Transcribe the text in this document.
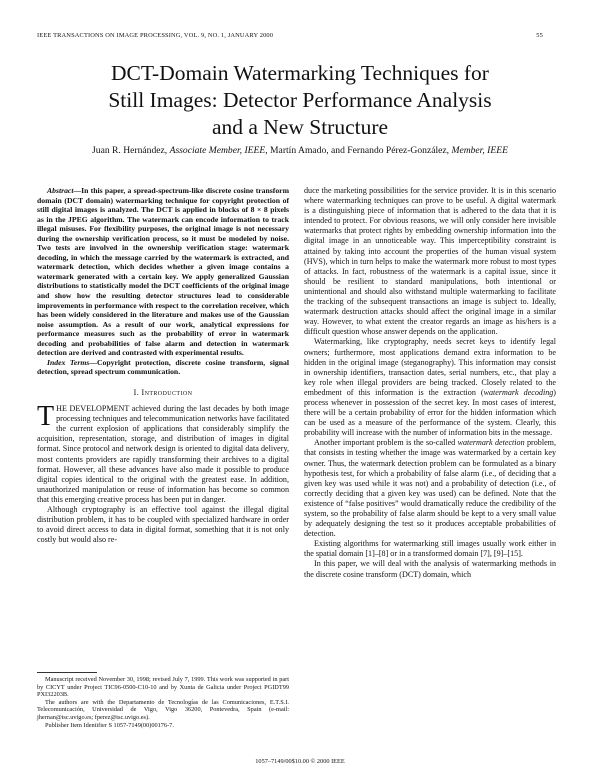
IEEE TRANSACTIONS ON IMAGE PROCESSING, VOL. 9, NO. 1, JANUARY 2000	55
DCT-Domain Watermarking Techniques for
Still Images: Detector Performance Analysis
and a New Structure
Juan R. Hernández, Associate Member, IEEE, Martín Amado, and Fernando Pérez-González, Member, IEEE

Abstract—In this paper, a spread-spectrum-like discrete cosine transform domain (DCT domain) watermarking technique for copyright protection of still digital images is analyzed. The DCT is applied in blocks of 8 × 8 pixels as in the JPEG algorithm. The watermark can encode information to track illegal misuses. For flexibility purposes, the original image is not necessary during the ownership verification process, so it must be modeled by noise. Two tests are involved in the ownership verification stage: watermark decoding, in which the message carried by the watermark is extracted, and watermark detection, which decides whether a given image contains a watermark generated with a certain key. We apply generalized Gaussian distributions to statistically model the DCT coefficients of the original image and show how the resulting detector structures lead to considerable improvements in performance with respect to the correlation receiver, which has been widely considered in the literature and makes use of the Gaussian noise assumption. As a result of our work, analytical expressions for performance measures such as the probability of error in watermark decoding and probabilities of false alarm and detection in watermark detection are derived and contrasted with experimental results.

Index Terms—Copyright protection, discrete cosine transform, signal detection, spread spectrum communication.

I. Introduction

THE DEVELOPMENT achieved during the last decades by both image processing techniques and telecommunication networks have facilitated the current explosion of applications that considerably simplify the acquisition, representation, storage, and distribution of images in digital format. Since protocol and network design is oriented to digital data delivery, most contents providers are rapidly transforming their archives to a digital format. However, all these advances have also made it possible to produce digital copies identical to the original with the greatest ease. In addition, unauthorized manipulation or reuse of information has become so common that this emerging creative process has been put in danger.

Although cryptography is an effective tool against the illegal digital distribution problem, it has to be coupled with specialized hardware in order to avoid direct access to data in digital format, something that it is not only costly but would also re-

duce the marketing possibilities for the service provider. It is in this scenario where watermarking techniques can prove to be useful. A digital watermark is a distinguishing piece of information that is adhered to the data that it is intended to protect. For obvious reasons, we will only consider here invisible watermarks that protect rights by embedding ownership information into the digital image in an unnoticeable way. This imperceptibility constraint is attained by taking into account the properties of the human visual system (HVS), which in turn helps to make the watermark more robust to most types of attacks. In fact, robustness of the watermark is a capital issue, since it should be resilient to standard manipulations, both intentional or unintentional and should also withstand multiple watermarking to facilitate the tracking of the subsequent transactions an image is subject to. Ideally, watermark destruction attacks should affect the original image in a similar way. However, to what extent the creator regards an image as his/hers is a difficult question whose answer depends on the application.

Watermarking, like cryptography, needs secret keys to identify legal owners; furthermore, most applications demand extra information to be hidden in the original image (steganography). This information may consist in ownership identifiers, transaction dates, serial numbers, etc., that play a key role when illegal providers are being tracked. Closely related to the embedment of this information is the extraction (watermark decoding) process whenever in possession of the secret key. In most cases of interest, there will be a certain probability of error for the hidden information which can be used as a measure of the performance of the system. Clearly, this probability will increase with the number of information bits in the message.

Another important problem is the so-called watermark detection problem, that consists in testing whether the image was watermarked by a certain key owner. Thus, the watermark detection problem can be formulated as a binary hypothesis test, for which a probability of false alarm (i.e., of deciding that a given key was used while it was not) and a probability of detection (i.e., of correctly deciding that a given key was used) can be defined. Note that the existence of “false positives” would dramatically reduce the credibility of the system, so the probability of false alarm should be kept to a very small value by adequately designing the test so it produces acceptable probabilities of detection.

Existing algorithms for watermarking still images usually work either in the spatial domain [1]–[8] or in a transformed domain [7], [9]–[15].

In this paper, we will deal with the analysis of watermarking methods in the discrete cosine transform (DCT) domain, which

Manuscript received November 30, 1998; revised July 7, 1999. This work was supported in part by CICYT under Project TIC96-0500-C10-10 and by Xunta de Galicia under Project PGIDT99 PXI32203B.

The authors are with the Departamento de Tecnologías de las Comunicaciones, E.T.S.I. Telecomunicación, Universidad de Vigo, Vigo 36200, Pontevedra, Spain (e-mail: jhernan@tsc.uvigo.es; fperez@tsc.uvigo.es).

Publisher Item Identifier S 1057-7149(00)00176-7.

1057–7149/00$10.00 © 2000 IEEE
